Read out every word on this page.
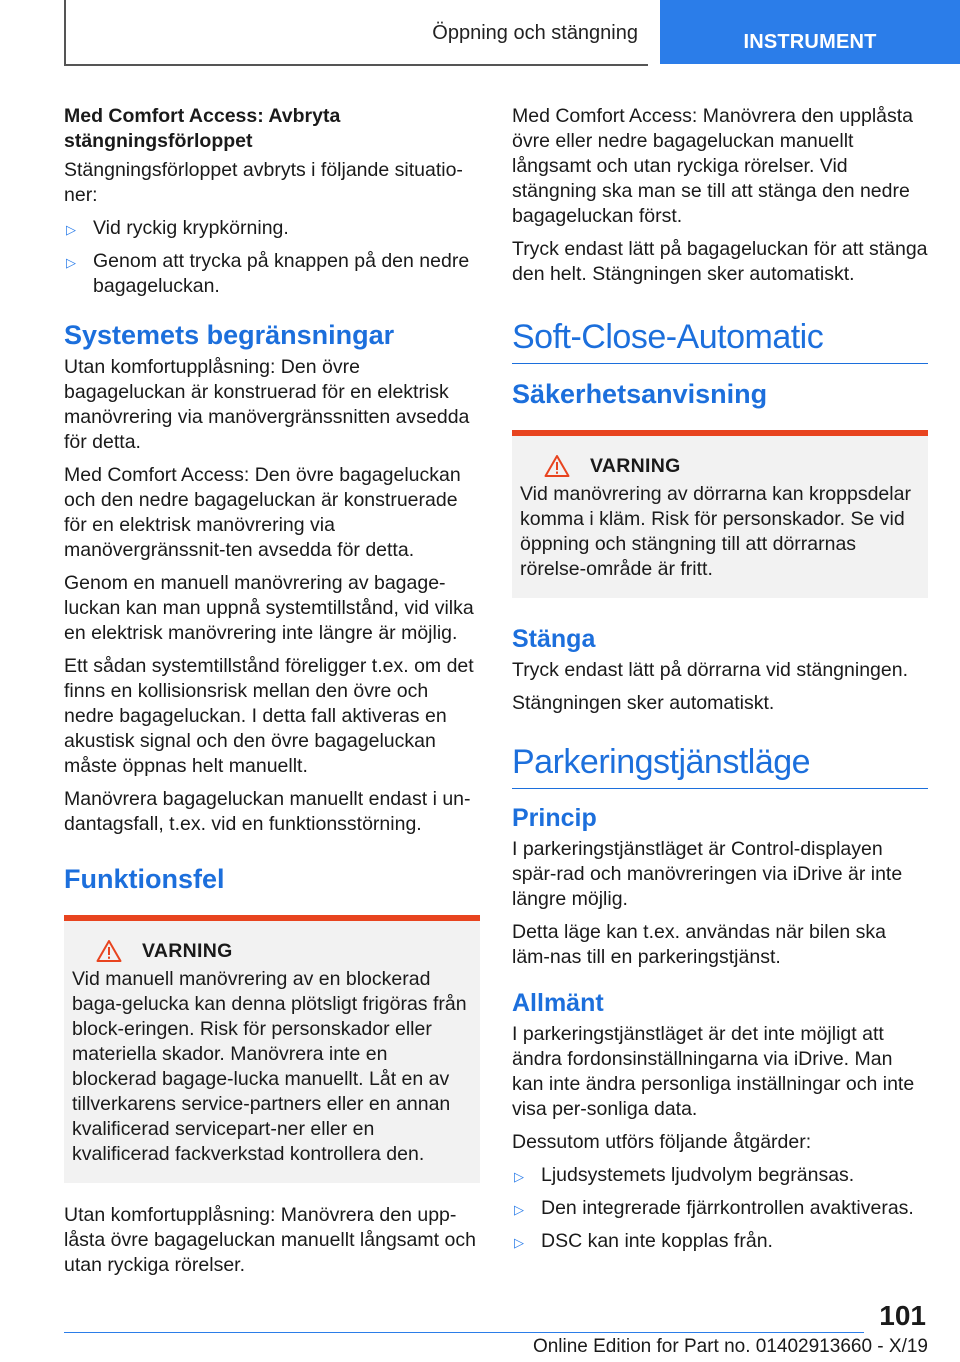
Öppning och stängning	INSTRUMENT
Med Comfort Access: Avbryta stängningsförloppet

Stängningsförloppet avbryts i följande situatio‐ner:

▷ Vid ryckig krypkörning.
▷ Genom att trycka på knappen på den nedre bagageluckan.
Systemets begränsningar

Utan komfortupplåsning: Den övre bagageluckan är konstruerad för en elektrisk manövrering via manövergränssnitten avsedda för detta.

Med Comfort Access: Den övre bagageluckan och den nedre bagageluckan är konstruerade för en elektrisk manövrering via manövergränssnit‐ten avsedda för detta.

Genom en manuell manövrering av bagage‐luckan kan man uppnå systemtillstånd, vid vilka en elektrisk manövrering inte längre är möjlig.

Ett sådan systemtillstånd föreligger t.ex. om det finns en kollisionsrisk mellan den övre och nedre bagageluckan. I detta fall aktiveras en akustisk signal och den övre bagageluckan måste öppnas helt manuellt.

Manövrera bagageluckan manuellt endast i un‐dantagsfall, t.ex. vid en funktionsstörning.

Funktionsfel
VARNING

Vid manuell manövrering av en blockerad baga‐gelucka kan denna plötsligt frigöras från block‐eringen. Risk för personskador eller materiella skador. Manövrera inte en blockerad bagage‐lucka manuellt. Låt en av tillverkarens service‐partners eller en annan kvalificerad servicepart‐ner eller en kvalificerad fackverkstad kontrollera den.

Utan komfortupplåsning: Manövrera den upp‐låsta övre bagageluckan manuellt långsamt och utan ryckiga rörelser.

Med Comfort Access: Manövrera den upplåsta övre eller nedre bagageluckan manuellt långsamt och utan ryckiga rörelser. Vid stängning ska man se till att stänga den nedre bagageluckan först.

Tryck endast lätt på bagageluckan för att stänga den helt. Stängningen sker automatiskt.

Soft-Close-Automatic
Säkerhetsanvisning
VARNING

Vid manövrering av dörrarna kan kroppsdelar komma i kläm. Risk för personskador. Se vid öppning och stängning till att dörrarnas rörelse‐område är fritt.

Stänga

Tryck endast lätt på dörrarna vid stängningen.

Stängningen sker automatiskt.

Parkeringstjänstläge
Princip

I parkeringstjänstläget är Control-displayen spär‐rad och manövreringen via iDrive är inte längre möjlig.

Detta läge kan t.ex. användas när bilen ska läm‐nas till en parkeringstjänst.

Allmänt

I parkeringstjänstläget är det inte möjligt att ändra fordonsinställningarna via iDrive. Man kan inte ändra personliga inställningar och inte visa per‐sonliga data.

Dessutom utförs följande åtgärder:

▷ Ljudsystemets ljudvolym begränsas.
▷ Den integrerade fjärrkontrollen avaktiveras.
▷ DSC kan inte kopplas från.
101
Online Edition for Part no. 01402913660 - X/19
